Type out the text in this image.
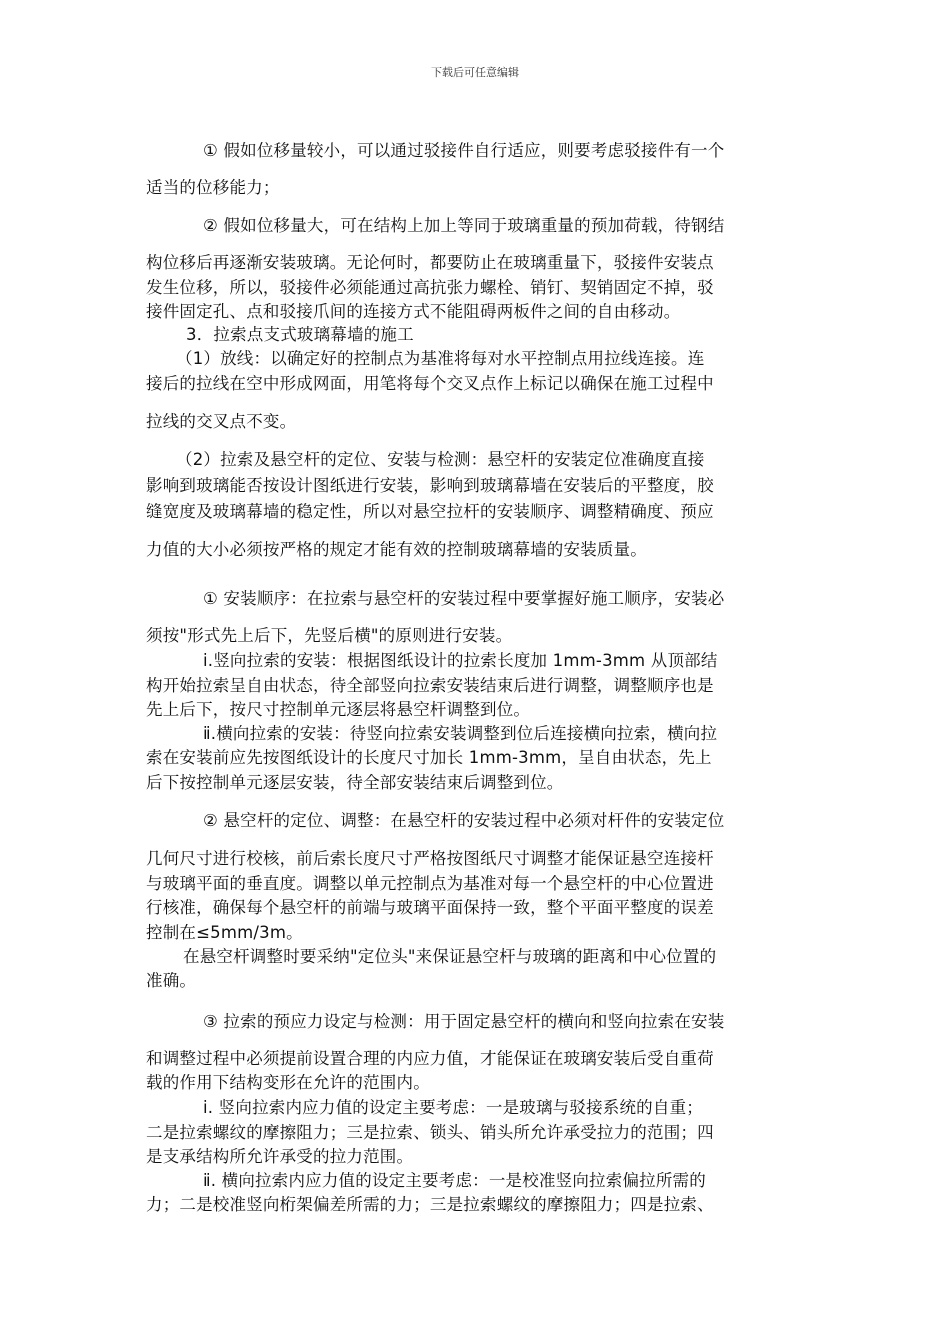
下载后可任意编辑
① 假如位移量较小，可以通过驳接件自行适应，则要考虑驳接件有一个
适当的位移能力；
② 假如位移量大，可在结构上加上等同于玻璃重量的预加荷载，待钢结
构位移后再逐渐安装玻璃。无论何时，都要防止在玻璃重量下，驳接件安装点
发生位移，所以，驳接件必须能通过高抗张力螺栓、销钉、契销固定不掉，驳
接件固定孔、点和驳接爪间的连接方式不能阻碍两板件之间的自由移动。
3．拉索点支式玻璃幕墙的施工
（1）放线：以确定好的控制点为基准将每对水平控制点用拉线连接。连
接后的拉线在空中形成网面，用笔将每个交叉点作上标记以确保在施工过程中
拉线的交叉点不变。
（2）拉索及悬空杆的定位、安装与检测：悬空杆的安装定位准确度直接
影响到玻璃能否按设计图纸进行安装，影响到玻璃幕墙在安装后的平整度，胶
缝宽度及玻璃幕墙的稳定性，所以对悬空拉杆的安装顺序、调整精确度、预应
力值的大小必须按严格的规定才能有效的控制玻璃幕墙的安装质量。
① 安装顺序：在拉索与悬空杆的安装过程中要掌握好施工顺序，安装必
须按"形式先上后下，先竖后横"的原则进行安装。
ⅰ.竖向拉索的安装：根据图纸设计的拉索长度加 1mm-3mm 从顶部结
构开始拉索呈自由状态，待全部竖向拉索安装结束后进行调整，调整顺序也是
先上后下，按尺寸控制单元逐层将悬空杆调整到位。
ⅱ.横向拉索的安装：待竖向拉索安装调整到位后连接横向拉索，横向拉
索在安装前应先按图纸设计的长度尺寸加长 1mm-3mm，呈自由状态，先上
后下按控制单元逐层安装，待全部安装结束后调整到位。
② 悬空杆的定位、调整：在悬空杆的安装过程中必须对杆件的安装定位
几何尺寸进行校核，前后索长度尺寸严格按图纸尺寸调整才能保证悬空连接杆
与玻璃平面的垂直度。调整以单元控制点为基准对每一个悬空杆的中心位置进
行核准，确保每个悬空杆的前端与玻璃平面保持一致，整个平面平整度的误差
控制在≤5mm/3m。
在悬空杆调整时要采纳"定位头"来保证悬空杆与玻璃的距离和中心位置的
准确。
③ 拉索的预应力设定与检测：用于固定悬空杆的横向和竖向拉索在安装
和调整过程中必须提前设置合理的内应力值，才能保证在玻璃安装后受自重荷
载的作用下结构变形在允许的范围内。
ⅰ. 竖向拉索内应力值的设定主要考虑：一是玻璃与驳接系统的自重；
二是拉索螺纹的摩擦阻力；三是拉索、锁头、销头所允许承受拉力的范围；四
是支承结构所允许承受的拉力范围。
ⅱ. 横向拉索内应力值的设定主要考虑：一是校准竖向拉索偏拉所需的
力；二是校准竖向桁架偏差所需的力；三是拉索螺纹的摩擦阻力；四是拉索、
